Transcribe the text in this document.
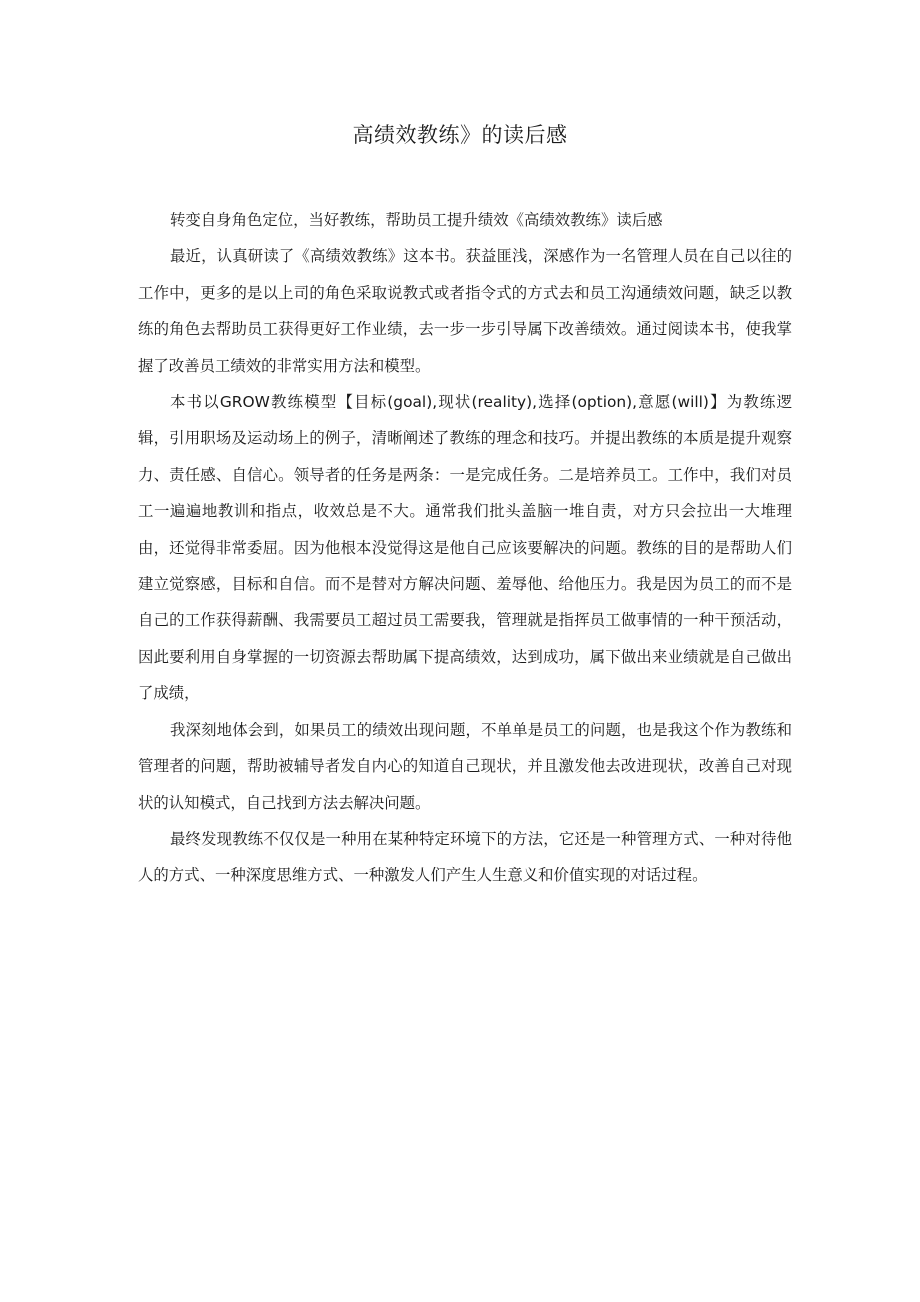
高绩效教练》的读后感

转变自身角色定位，当好教练，帮助员工提升绩效《高绩效教练》读后感

最近，认真研读了《高绩效教练》这本书。获益匪浅，深感作为一名管理人员在自己以往的工作中，更多的是以上司的角色采取说教式或者指令式的方式去和员工沟通绩效问题，缺乏以教练的角色去帮助员工获得更好工作业绩，去一步一步引导属下改善绩效。通过阅读本书，使我掌握了改善员工绩效的非常实用方法和模型。

本书以GROW教练模型【目标(goal),现状(reality),选择(option),意愿(will)】为教练逻辑，引用职场及运动场上的例子，清晰阐述了教练的理念和技巧。并提出教练的本质是提升观察力、责任感、自信心。领导者的任务是两条：一是完成任务。二是培养员工。工作中，我们对员工一遍遍地教训和指点，收效总是不大。通常我们批头盖脑一堆自责，对方只会拉出一大堆理由，还觉得非常委屈。因为他根本没觉得这是他自己应该要解决的问题。教练的目的是帮助人们建立觉察感，目标和自信。而不是替对方解决问题、羞辱他、给他压力。我是因为员工的而不是自己的工作获得薪酬、我需要员工超过员工需要我，管理就是指挥员工做事情的一种干预活动，因此要利用自身掌握的一切资源去帮助属下提高绩效，达到成功，属下做出来业绩就是自己做出了成绩，

我深刻地体会到，如果员工的绩效出现问题，不单单是员工的问题，也是我这个作为教练和管理者的问题，帮助被辅导者发自内心的知道自己现状，并且激发他去改进现状，改善自己对现状的认知模式，自己找到方法去解决问题。

最终发现教练不仅仅是一种用在某种特定环境下的方法，它还是一种管理方式、一种对待他人的方式、一种深度思维方式、一种激发人们产生人生意义和价值实现的对话过程。
